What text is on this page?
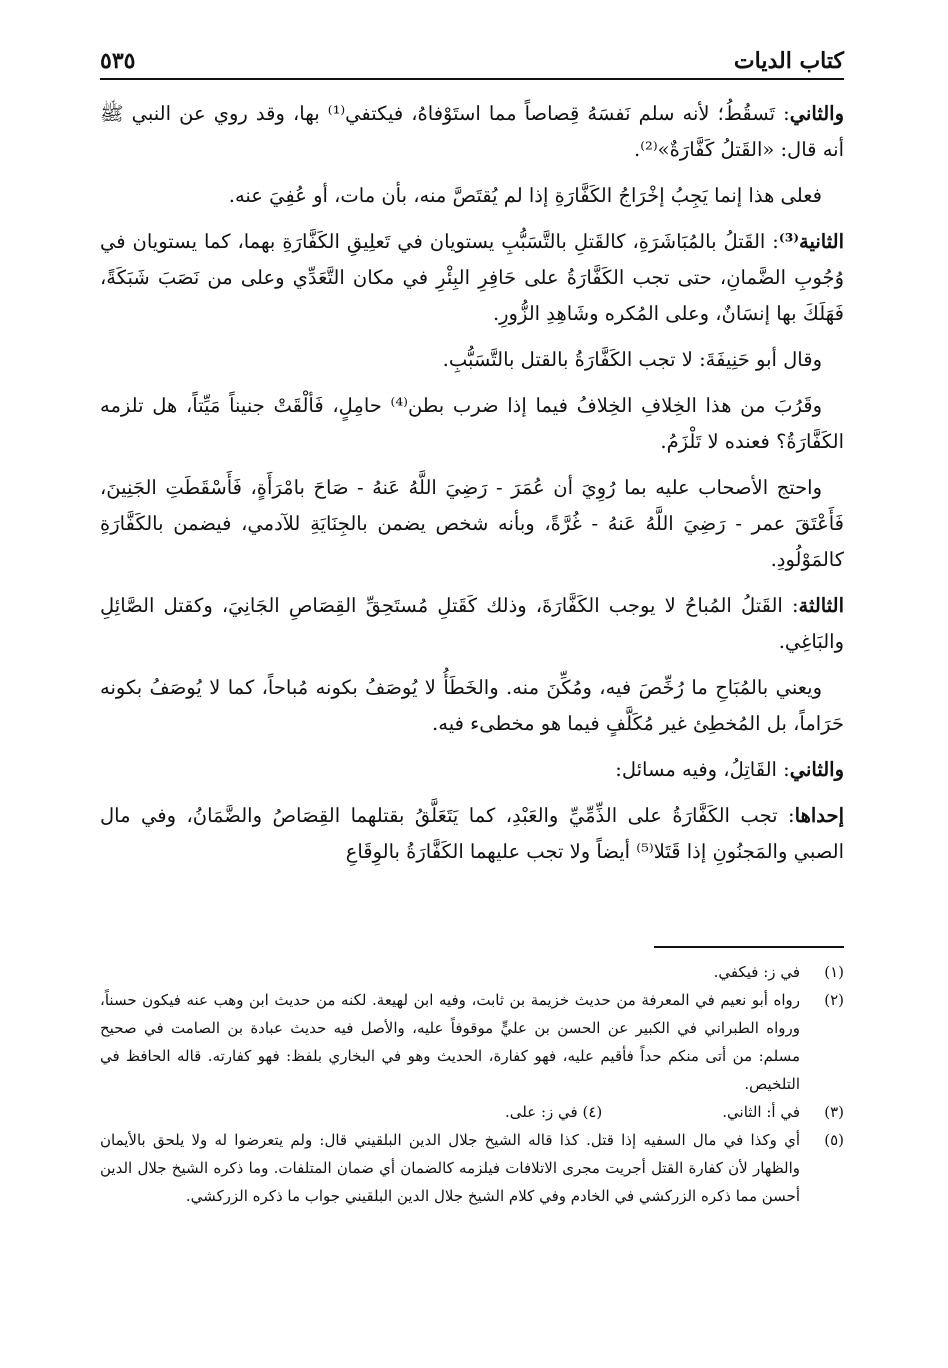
كتاب الديات
٥٣٥

والثاني: تَسقُطُ؛ لأنه سلم نَفسَهُ قِصاصاً مما استَوْفاهُ، فيكتفي⁽¹⁾ بها، وقد روي عن النبي ﷺ أنه قال: «القَتلُ كَفَّارَةٌ»⁽²⁾.

فعلى هذا إنما يَجِبُ إخْرَاجُ الكَفَّارَةِ إذا لم يُقتَصَّ منه، بأن مات، أو عُفِيَ عنه.

الثانية⁽³⁾: القَتلُ بالمُبَاشَرَةِ، كالقَتلِ بالتَّسَبُّبِ يستويان في تَعلِيقِ الكَفَّارَةِ بهما، كما يستويان في وُجُوبِ الضَّمانِ، حتى تجب الكَفَّارَةُ على حَافِرِ البِئْرِ في مكان التَّعَدِّي وعلى من نَصَبَ شَبَكَةً، فَهَلَكَ بها إنسَانٌ، وعلى المُكره وشَاهِدِ الزُّورِ.

وقال أبو حَنِيفَةَ: لا تجب الكَفَّارَةُ بالقتل بالتَّسَبُّبِ.

وقَرُبَ من هذا الخِلافِ الخِلافُ فيما إذا ضرب بطن⁽⁴⁾ حامِلٍ، فَألْقَتْ جنيناً مَيِّتاً، هل تلزمه الكَفَّارَةُ؟ فعنده لا تَلْزَمُ.

واحتج الأصحاب عليه بما رُوِيَ أن عُمَرَ - رَضِيَ اللَّهُ عَنهُ - صَاحَ بامْرَأَةٍ، فَأَسْقَطَتِ الجَنِينَ، فَأَعْتَقَ عمر - رَضِيَ اللَّهُ عَنهُ - غُرَّةً، وبأنه شخص يضمن بالجِنَايَةِ للآدمي، فيضمن بالكَفَّارَةِ كالمَوْلُودِ.

الثالثة: القَتلُ المُباحُ لا يوجب الكَفَّارَةَ، وذلك كَقَتلِ مُستَحِقِّ القِصَاصِ الجَانِيَ، وكقتل الصَّائِلِ والبَاغِي.

ويعني بالمُبَاحِ ما رُخِّصَ فيه، ومُكِّنَ منه. والخَطَأُ لا يُوصَفُ بكونه مُباحاً، كما لا يُوصَفُ بكونه حَرَاماً، بل المُخطِئ غير مُكَلَّفٍ فيما هو مخطىء فيه.

والثاني: القَاتِلُ، وفيه مسائل:

إحداها: تجب الكَفَّارَةُ على الذِّمِّيِّ والعَبْدِ، كما يَتَعَلَّقُ بقتلهما القِصَاصُ والضَّمَانُ، وفي مال الصبي والمَجنُونِ إذا قَتَلا⁽⁵⁾ أيضاً ولا تجب عليهما الكَفَّارَةُ بالوِقَاعِ

(١)
في ز: فيكفي.
(٢)
رواه أبو نعيم في المعرفة من حديث خزيمة بن ثابت، وفيه ابن لهيعة. لكنه من حديث ابن وهب عنه فيكون حسناً، ورواه الطبراني في الكبير عن الحسن بن عليٍّ موقوفاً عليه، والأصل فيه حديث عبادة بن الصامت في صحيح مسلم: من أتى منكم حداً فأقيم عليه، فهو كفارة، الحديث وهو في البخاري بلفظ: فهو كفارته. قاله الحافظ في التلخيص.
(٣)
في أ: الثاني.(٤) في ز: على.
(٥)
أي وكذا في مال السفيه إذا قتل. كذا قاله الشيخ جلال الدين البلقيني قال: ولم يتعرضوا له ولا يلحق بالأيمان والظهار لأن كفارة القتل أجريت مجرى الاتلافات فيلزمه كالضمان أي ضمان المتلفات. وما ذكره الشيخ جلال الدين أحسن مما ذكره الزركشي في الخادم وفي كلام الشيخ جلال الدين البلقيني جواب ما ذكره الزركشي.
